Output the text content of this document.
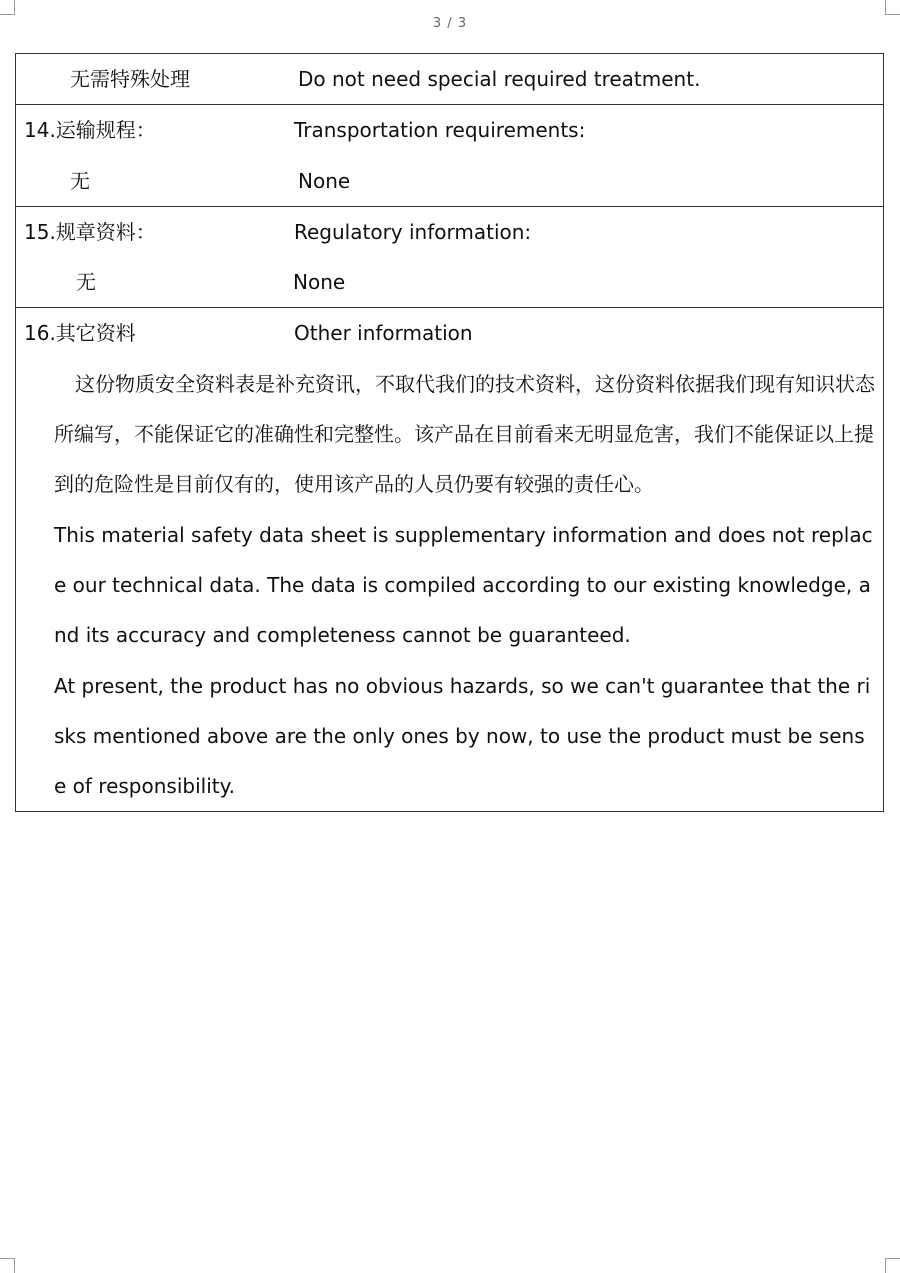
3 / 3
无需特殊处理	Do not need special required treatment.
14.运输规程：	Transportation requirements:
无	None
15.规章资料：	Regulatory information:
无	None
16.其它资料	Other information
这份物质安全资料表是补充资讯，不取代我们的技术资料，这份资料依据我们现有知识状态所编写，不能保证它的准确性和完整性。该产品在目前看来无明显危害，我们不能保证以上提到的危险性是目前仅有的，使用该产品的人员仍要有较强的责任心。
This material safety data sheet is supplementary information and does not replace our technical data. The data is compiled according to our existing knowledge, and its accuracy and completeness cannot be guaranteed.
At present, the product has no obvious hazards, so we can't guarantee that the risks mentioned above are the only ones by now, to use the product must be sense of responsibility.
